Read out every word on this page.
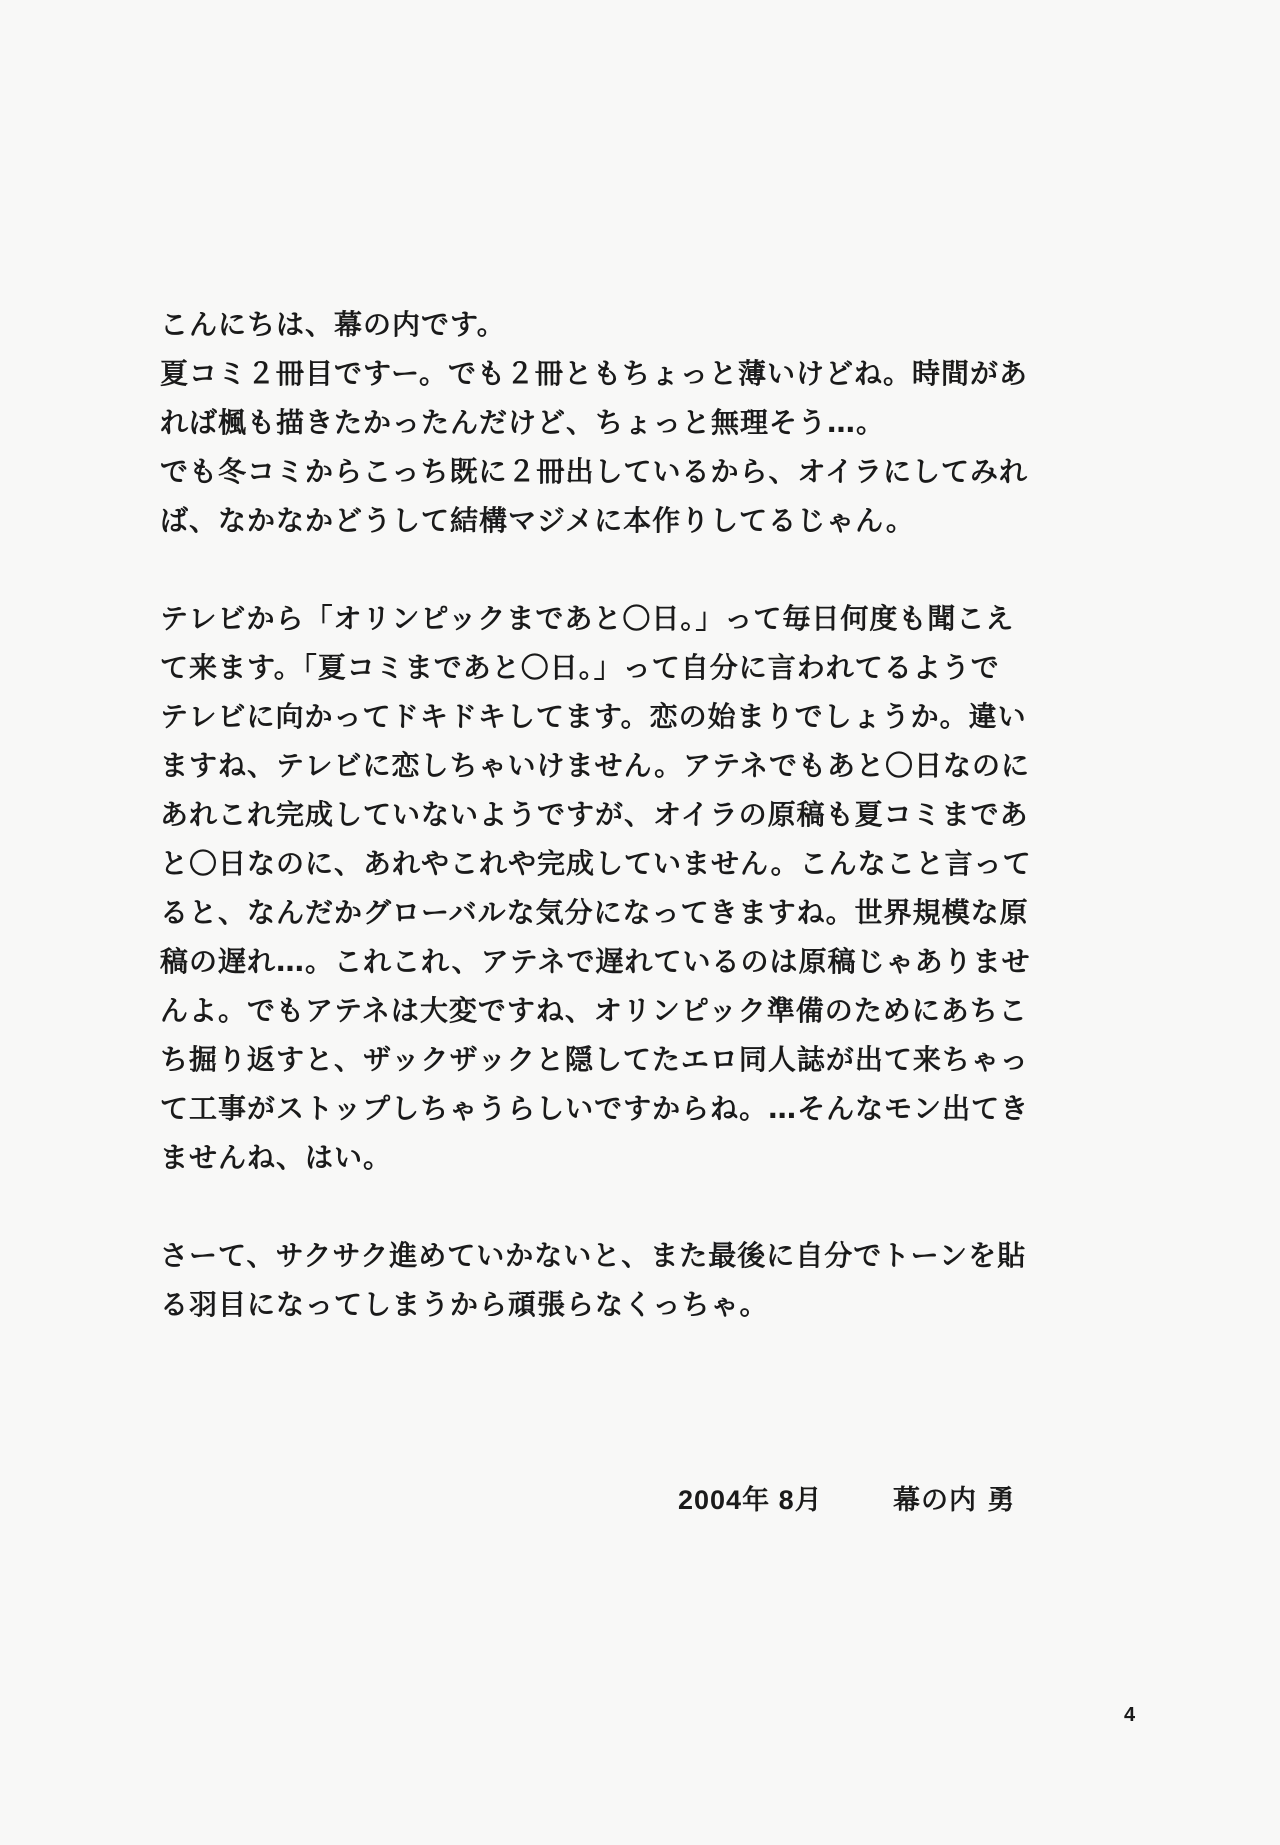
こんにちは、幕の内です。
夏コミ２冊目ですー。でも２冊ともちょっと薄いけどね。時間があ
れば楓も描きたかったんだけど、ちょっと無理そう…。
でも冬コミからこっち既に２冊出しているから、オイラにしてみれ
ば、なかなかどうして結構マジメに本作りしてるじゃん。

テレビから「オリンピックまであと〇日。」って毎日何度も聞こえ
て来ます。「夏コミまであと〇日。」って自分に言われてるようで
テレビに向かってドキドキしてます。恋の始まりでしょうか。違い
ますね、テレビに恋しちゃいけません。アテネでもあと〇日なのに
あれこれ完成していないようですが、オイラの原稿も夏コミまであ
と〇日なのに、あれやこれや完成していません。こんなこと言って
ると、なんだかグローバルな気分になってきますね。世界規模な原
稿の遅れ…。これこれ、アテネで遅れているのは原稿じゃありませ
んよ。でもアテネは大変ですね、オリンピック準備のためにあちこ
ち掘り返すと、ザックザックと隠してたエロ同人誌が出て来ちゃっ
て工事がストップしちゃうらしいですからね。…そんなモン出てき
ませんね、はい。

さーて、サクサク進めていかないと、また最後に自分でトーンを貼
る羽目になってしまうから頑張らなくっちゃ。

2004年 8月	幕の内 勇
4
